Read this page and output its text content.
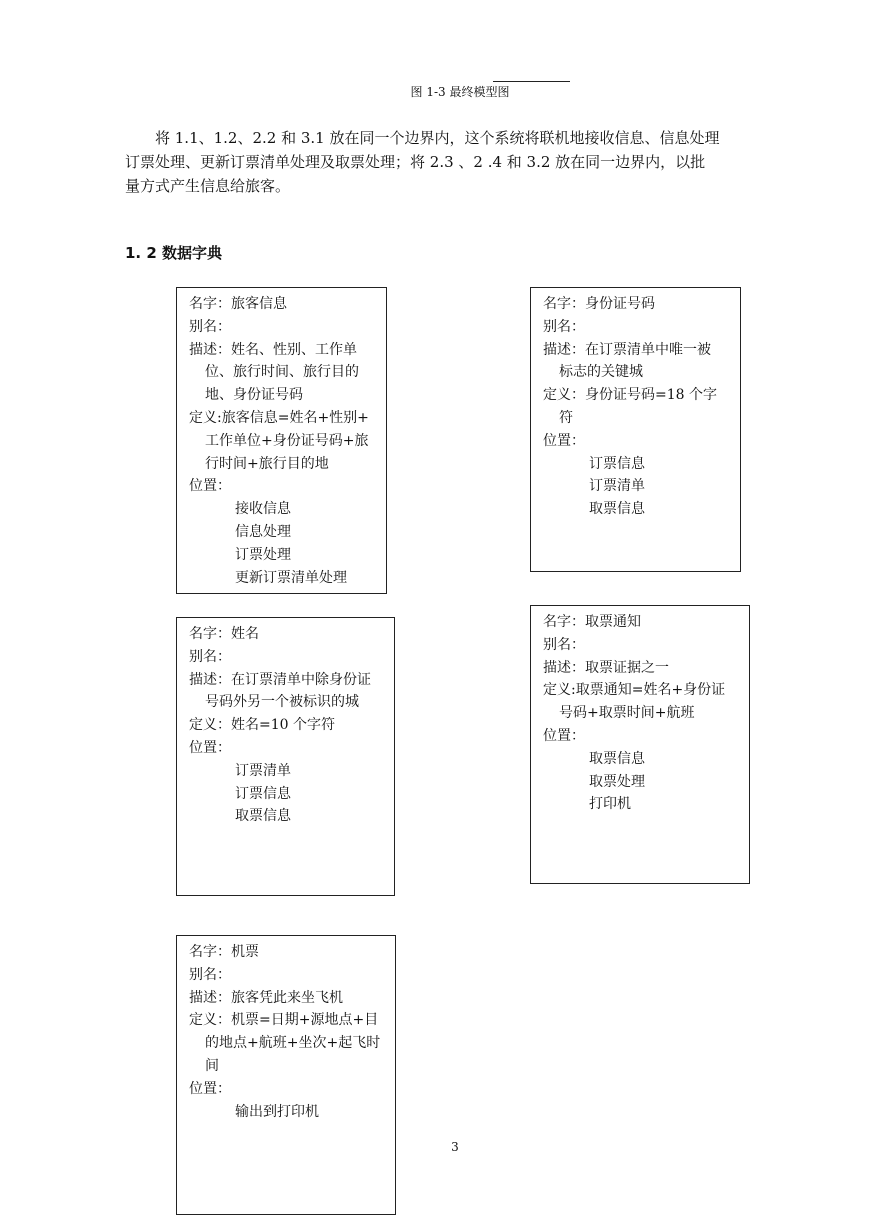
图 1-3 最终模型图
将 1.1、1.2、2.2 和 3.1 放在同一个边界内，这个系统将联机地接收信息、信息处理
订票处理、更新订票清单处理及取票处理；将 2.3 、2 .4 和 3.2 放在同一边界内，以批
量方式产生信息给旅客。
1. 2 数据字典
名字：旅客信息
别名：
描述：姓名、性别、工作单
位、旅行时间、旅行目的
地、身份证号码
定义:旅客信息=姓名+性别+
工作单位+身份证号码+旅
行时间+旅行目的地
位置：
接收信息
信息处理
订票处理
更新订票清单处理
名字：身份证号码
别名：
描述：在订票清单中唯一被
标志的关键城
定义：身份证号码=18 个字
符
位置：
订票信息
订票清单
取票信息
名字：姓名
别名：
描述：在订票清单中除身份证
号码外另一个被标识的城
定义：姓名=10 个字符
位置：
订票清单
订票信息
取票信息
名字：取票通知
别名：
描述：取票证据之一
定义:取票通知=姓名+身份证
号码+取票时间+航班
位置：
取票信息
取票处理
打印机
名字：机票
别名：
描述：旅客凭此来坐飞机
定义：机票=日期+源地点+目
的地点+航班+坐次+起飞时
间
位置：
输出到打印机
3
